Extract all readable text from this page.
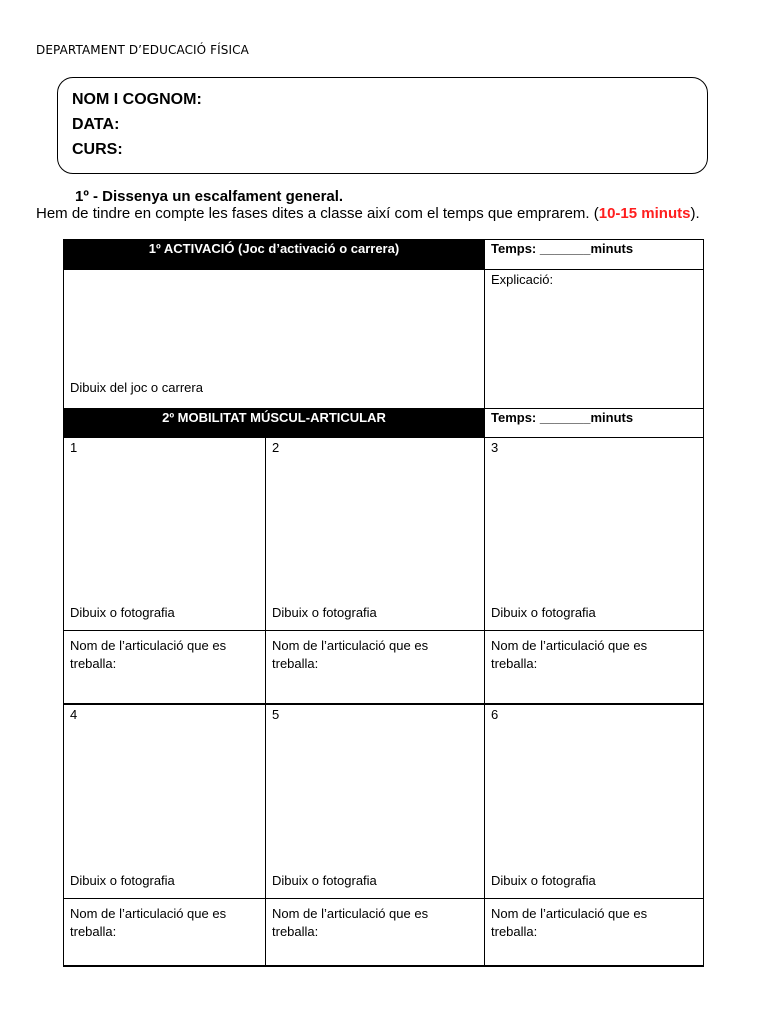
DEPARTAMENT D’EDUCACIÓ FÍSICA
NOM I COGNOM:
DATA:
CURS:
1º - Dissenya un escalfament general.
Hem de tindre en compte les fases dites a classe així com el temps que emprarem. (10-15 minuts).
1º ACTIVACIÓ (Joc d’activació o carrera)	Temps: _______minuts
Dibuix del joc o carrera
Explicació:
2º MOBILITAT MÚSCUL-ARTICULAR	Temps: _______minuts
1
Dibuix o fotografia
2
Dibuix o fotografia
3
Dibuix o fotografia
Nom de l’articulació que es treballa:
Nom de l’articulació que es treballa:
Nom de l’articulació que es treballa:
4
Dibuix o fotografia
5
Dibuix o fotografia
6
Dibuix o fotografia
Nom de l’articulació que es treballa:
Nom de l’articulació que es treballa:
Nom de l’articulació que es treballa:
